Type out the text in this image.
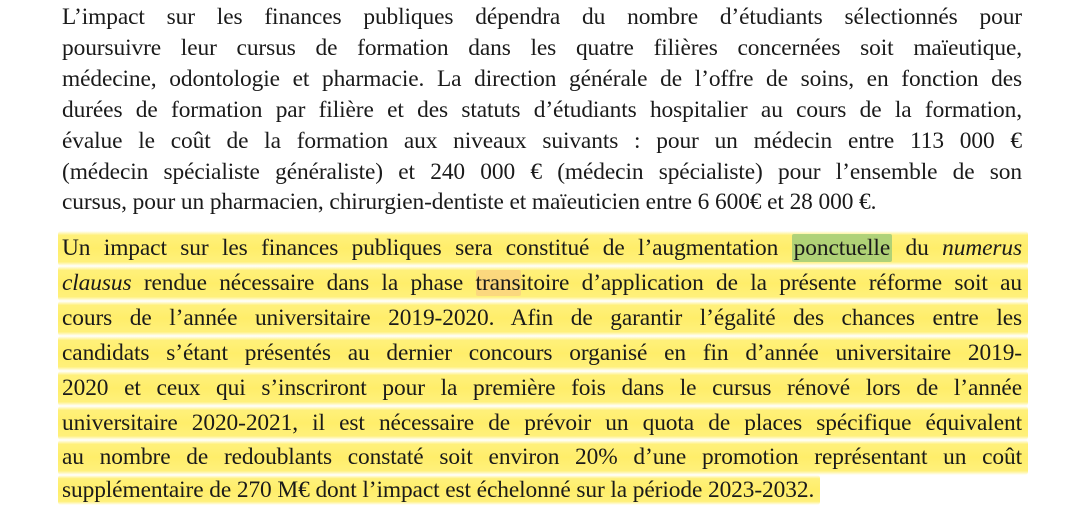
L’impact sur les finances publiques dépendra du nombre d’étudiants sélectionnés pour
poursuivre leur cursus de formation dans les quatre filières concernées soit maïeutique,
médecine, odontologie et pharmacie. La direction générale de l’offre de soins, en fonction des
durées de formation par filière et des statuts d’étudiants hospitalier au cours de la formation,
évalue le coût de la formation aux niveaux suivants : pour un médecin entre 113 000 €
(médecin spécialiste généraliste) et 240 000 € (médecin spécialiste) pour l’ensemble de son
cursus, pour un pharmacien, chirurgien-dentiste et maïeuticien entre 6 600€ et 28 000 €.

Un impact sur les finances publiques sera constitué de l’augmentation ponctuelle du numerus
clausus rendue nécessaire dans la phase transitoire d’application de la présente réforme soit au
cours de l’année universitaire 2019-2020. Afin de garantir l’égalité des chances entre les
candidats s’étant présentés au dernier concours organisé en fin d’année universitaire 2019-
2020 et ceux qui s’inscriront pour la première fois dans le cursus rénové lors de l’année
universitaire 2020-2021, il est nécessaire de prévoir un quota de places spécifique équivalent
au nombre de redoublants constaté soit environ 20% d’une promotion représentant un coût
supplémentaire de 270 M€ dont l’impact est échelonné sur la période 2023-2032.
